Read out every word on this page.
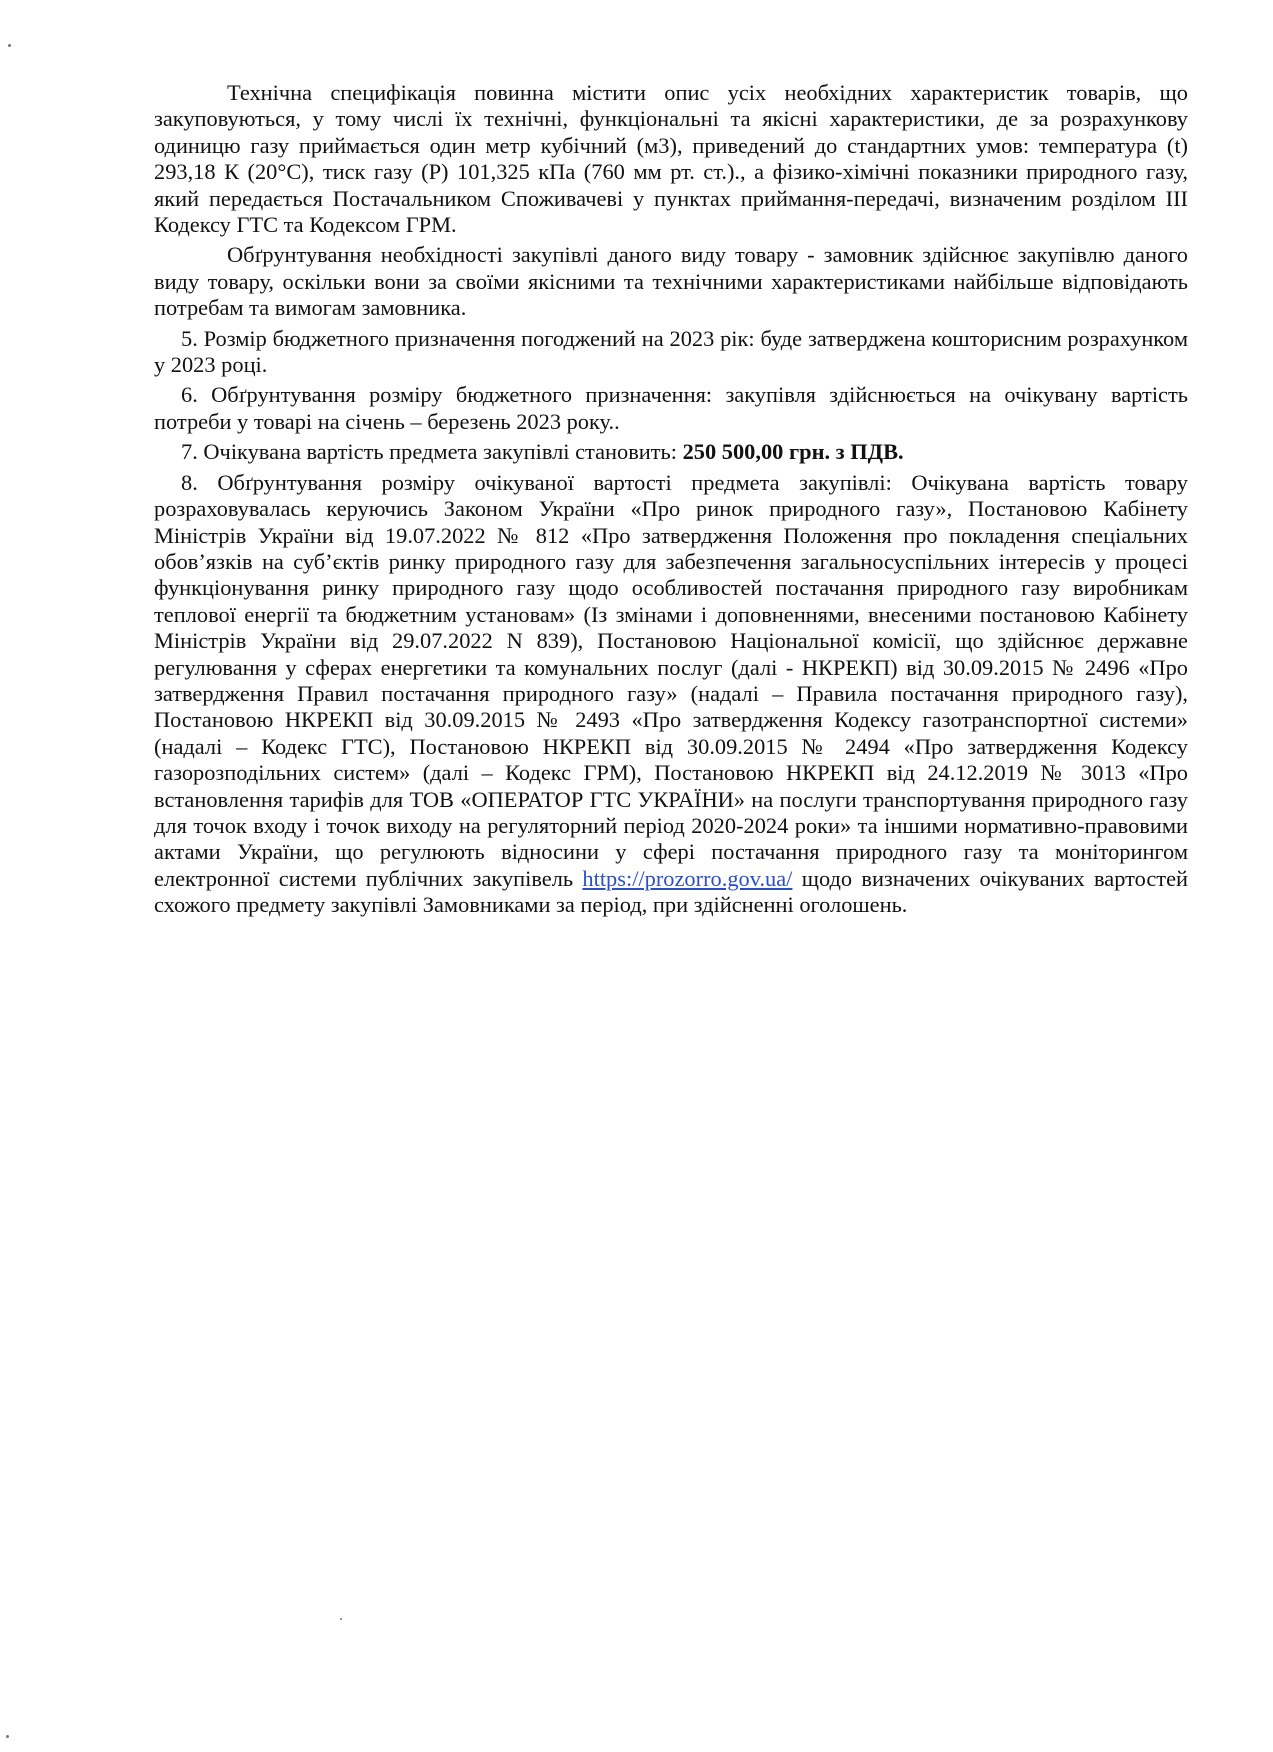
Технічна специфікація повинна містити опис усіх необхідних характеристик товарів, що закуповуються, у тому числі їх технічні, функціональні та якісні характеристики, де за розрахункову одиницю газу приймається один метр кубічний (м3), приведений до стандартних умов: температура (t) 293,18 К (20°С), тиск газу (Р) 101,325 кПа (760 мм рт. ст.)., а фізико-хімічні показники природного газу, який передається Постачальником Споживачеві у пунктах приймання-передачі, визначеним розділом III Кодексу ГТС та Кодексом ГРМ.

Обґрунтування необхідності закупівлі даного виду товару - замовник здійснює закупівлю даного виду товару, оскільки вони за своїми якісними та технічними характеристиками найбільше відповідають потребам та вимогам замовника.

5. Розмір бюджетного призначення погоджений на 2023 рік: буде затверджена кошторисним розрахунком у 2023 році.

6. Обґрунтування розміру бюджетного призначення: закупівля здійснюється на очікувану вартість потреби у товарі на січень – березень 2023 року..

7. Очікувана вартість предмета закупівлі становить: 250 500,00 грн. з ПДВ.

8. Обґрунтування розміру очікуваної вартості предмета закупівлі: Очікувана вартість товару розраховувалась керуючись Законом України «Про ринок природного газу», Постановою Кабінету Міністрів України від 19.07.2022 № 812 «Про затвердження Положення про покладення спеціальних обов’язків на суб’єктів ринку природного газу для забезпечення загальносуспільних інтересів у процесі функціонування ринку природного газу щодо особливостей постачання природного газу виробникам теплової енергії та бюджетним установам» (Із змінами і доповненнями, внесеними постановою Кабінету Міністрів України від 29.07.2022 N 839), Постановою Національної комісії, що здійснює державне регулювання у сферах енергетики та комунальних послуг (далі - НКРЕКП) від 30.09.2015 № 2496 «Про затвердження Правил постачання природного газу» (надалі – Правила постачання природного газу), Постановою НКРЕКП від 30.09.2015 № 2493 «Про затвердження Кодексу газотранспортної системи» (надалі – Кодекс ГТС), Постановою НКРЕКП від 30.09.2015 № 2494 «Про затвердження Кодексу газорозподільних систем» (далі – Кодекс ГРМ), Постановою НКРЕКП від 24.12.2019 № 3013 «Про встановлення тарифів для ТОВ «ОПЕРАТОР ГТС УКРАЇНИ» на послуги транспортування природного газу для точок входу і точок виходу на регуляторний період 2020-2024 роки» та іншими нормативно-правовими актами України, що регулюють відносини у сфері постачання природного газу та моніторингом електронної системи публічних закупівель https://prozorro.gov.ua/ щодо визначених очікуваних вартостей схожого предмету закупівлі Замовниками за період, при здійсненні оголошень.
